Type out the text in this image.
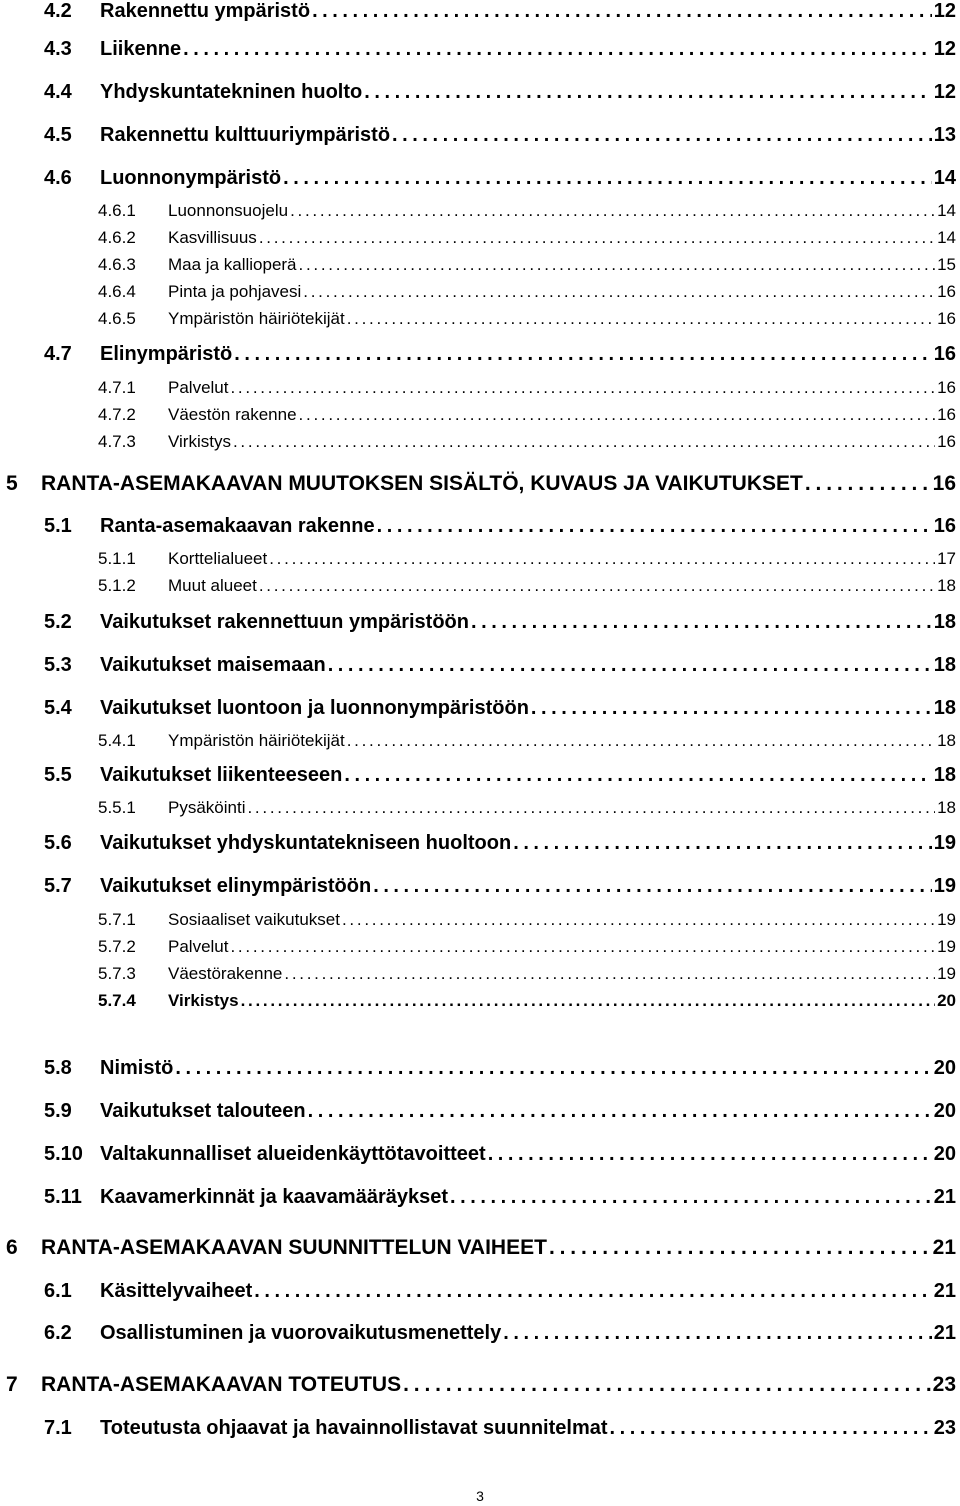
4.2	Rakennettu ympäristö . . .	12
4.3	Liikenne . . .	12
4.4	Yhdyskuntatekninen huolto . . .	12
4.5	Rakennettu kulttuuriympäristö . . .	13
4.6	Luonnonympäristö . . .	14
4.6.1	Luonnonsuojelu . . .	14
4.6.2	Kasvillisuus . . .	14
4.6.3	Maa ja kallioperä . . .	15
4.6.4	Pinta ja pohjavesi . . .	16
4.6.5	Ympäristön häiriötekijät . . .	16
4.7	Elinympäristö . . .	16
4.7.1	Palvelut . . .	16
4.7.2	Väestön rakenne . . .	16
4.7.3	Virkistys . . .	16
5	RANTA-ASEMAKAAVAN MUUTOKSEN SISÄLTÖ, KUVAUS JA VAIKUTUKSET . . .	16
5.1	Ranta-asemakaavan rakenne . . .	16
5.1.1	Korttelialueet . . .	17
5.1.2	Muut alueet . . .	18
5.2	Vaikutukset rakennettuun ympäristöön . . .	18
5.3	Vaikutukset maisemaan . . .	18
5.4	Vaikutukset luontoon ja luonnonympäristöön . . .	18
5.4.1	Ympäristön häiriötekijät . . .	18
5.5	Vaikutukset liikenteeseen . . .	18
5.5.1	Pysäköinti . . .	18
5.6	Vaikutukset yhdyskuntatekniseen huoltoon . . .	19
5.7	Vaikutukset elinympäristöön . . .	19
5.7.1	Sosiaaliset vaikutukset . . .	19
5.7.2	Palvelut . . .	19
5.7.3	Väestörakenne . . .	19
5.7.4	Virkistys . . .	20
5.8	Nimistö . . .	20
5.9	Vaikutukset talouteen . . .	20
5.10 Valtakunnalliset alueidenkäyttötavoitteet . . .	20
5.11 Kaavamerkinnät ja kaavamääräykset . . .	21
6	RANTA-ASEMAKAAVAN SUUNNITTELUN VAIHEET . . .	21
6.1	Käsittelyvaiheet . . .	21
6.2	Osallistuminen ja vuorovaikutusmenettely . . .	21
7	RANTA-ASEMAKAAVAN TOTEUTUS . . .	23
7.1	Toteutusta ohjaavat ja havainnollistavat suunnitelmat . . .	23
3
